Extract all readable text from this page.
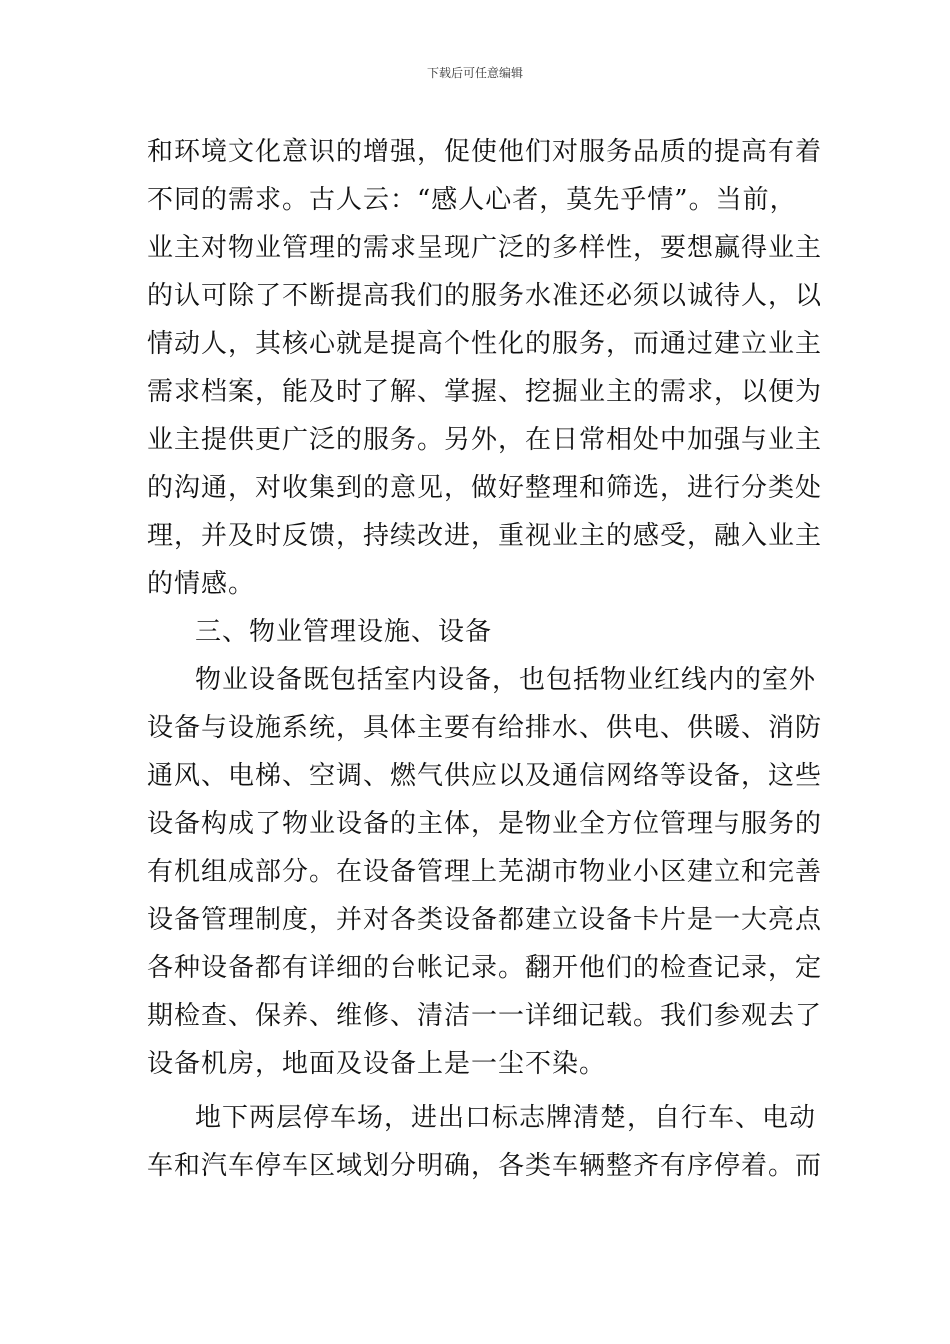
下载后可任意编辑
和环境文化意识的增强，促使他们对服务品质的提高有着
不同的需求。古人云：“感人心者，莫先乎情”。当前，
业主对物业管理的需求呈现广泛的多样性，要想赢得业主
的认可除了不断提高我们的服务水准还必须以诚待人，以
情动人，其核心就是提高个性化的服务，而通过建立业主
需求档案，能及时了解、掌握、挖掘业主的需求，以便为
业主提供更广泛的服务。另外，在日常相处中加强与业主
的沟通，对收集到的意见，做好整理和筛选，进行分类处
理，并及时反馈，持续改进，重视业主的感受，融入业主
的情感。
三、物业管理设施、设备
物业设备既包括室内设备，也包括物业红线内的室外
设备与设施系统，具体主要有给排水、供电、供暖、消防
通风、电梯、空调、燃气供应以及通信网络等设备，这些
设备构成了物业设备的主体，是物业全方位管理与服务的
有机组成部分。在设备管理上芜湖市物业小区建立和完善
设备管理制度，并对各类设备都建立设备卡片是一大亮点
各种设备都有详细的台帐记录。翻开他们的检查记录，定
期检查、保养、维修、清洁一一详细记载。我们参观去了
设备机房，地面及设备上是一尘不染。
地下两层停车场，进出口标志牌清楚，自行车、电动
车和汽车停车区域划分明确，各类车辆整齐有序停着。而
